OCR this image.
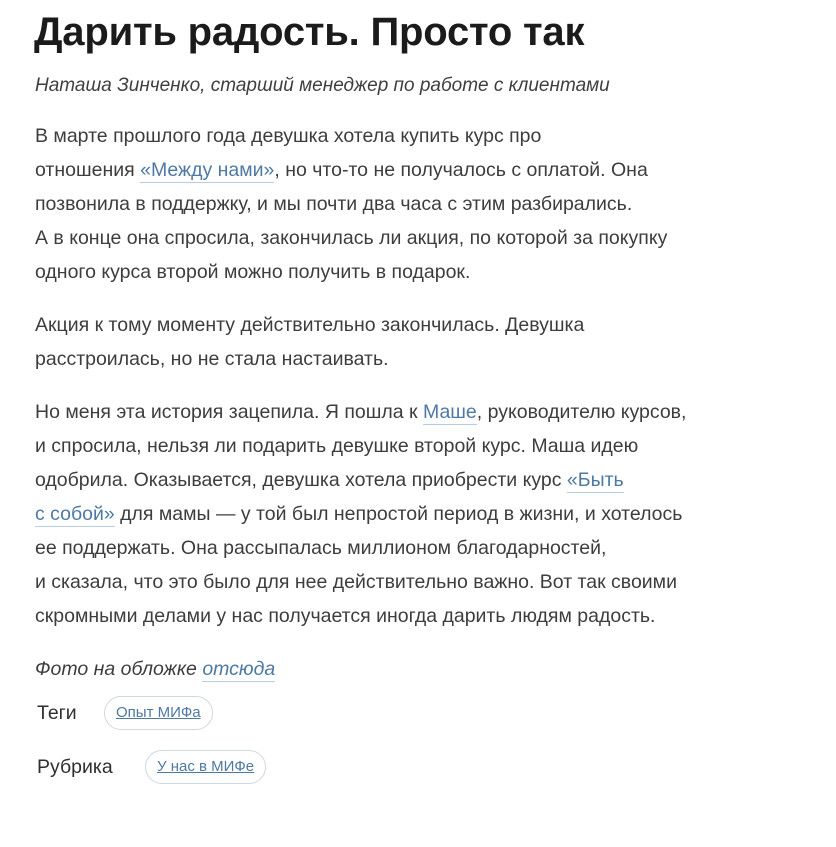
Дарить радость. Просто так
Наташа Зинченко, старший менеджер по работе с клиентами
В марте прошлого года девушка хотела купить курс про
отношения «Между нами», но что-то не получалось с оплатой. Она
позвонила в поддержку, и мы почти два часа с этим разбирались.
А в конце она спросила, закончилась ли акция, по которой за покупку
одного курса второй можно получить в подарок.
Акция к тому моменту действительно закончилась. Девушка
расстроилась, но не стала настаивать.
Но меня эта история зацепила. Я пошла к Маше, руководителю курсов,
и спросила, нельзя ли подарить девушке второй курс. Маша идею
одобрила. Оказывается, девушка хотела приобрести курс «Быть
с собой» для мамы — у той был непростой период в жизни, и хотелось
ее поддержать. Она рассыпалась миллионом благодарностей,
и сказала, что это было для нее действительно важно. Вот так своими
скромными делами у нас получается иногда дарить людям радость.
Фото на обложке отсюда
Теги	Опыт МИФа
Рубрика	У нас в МИФе
